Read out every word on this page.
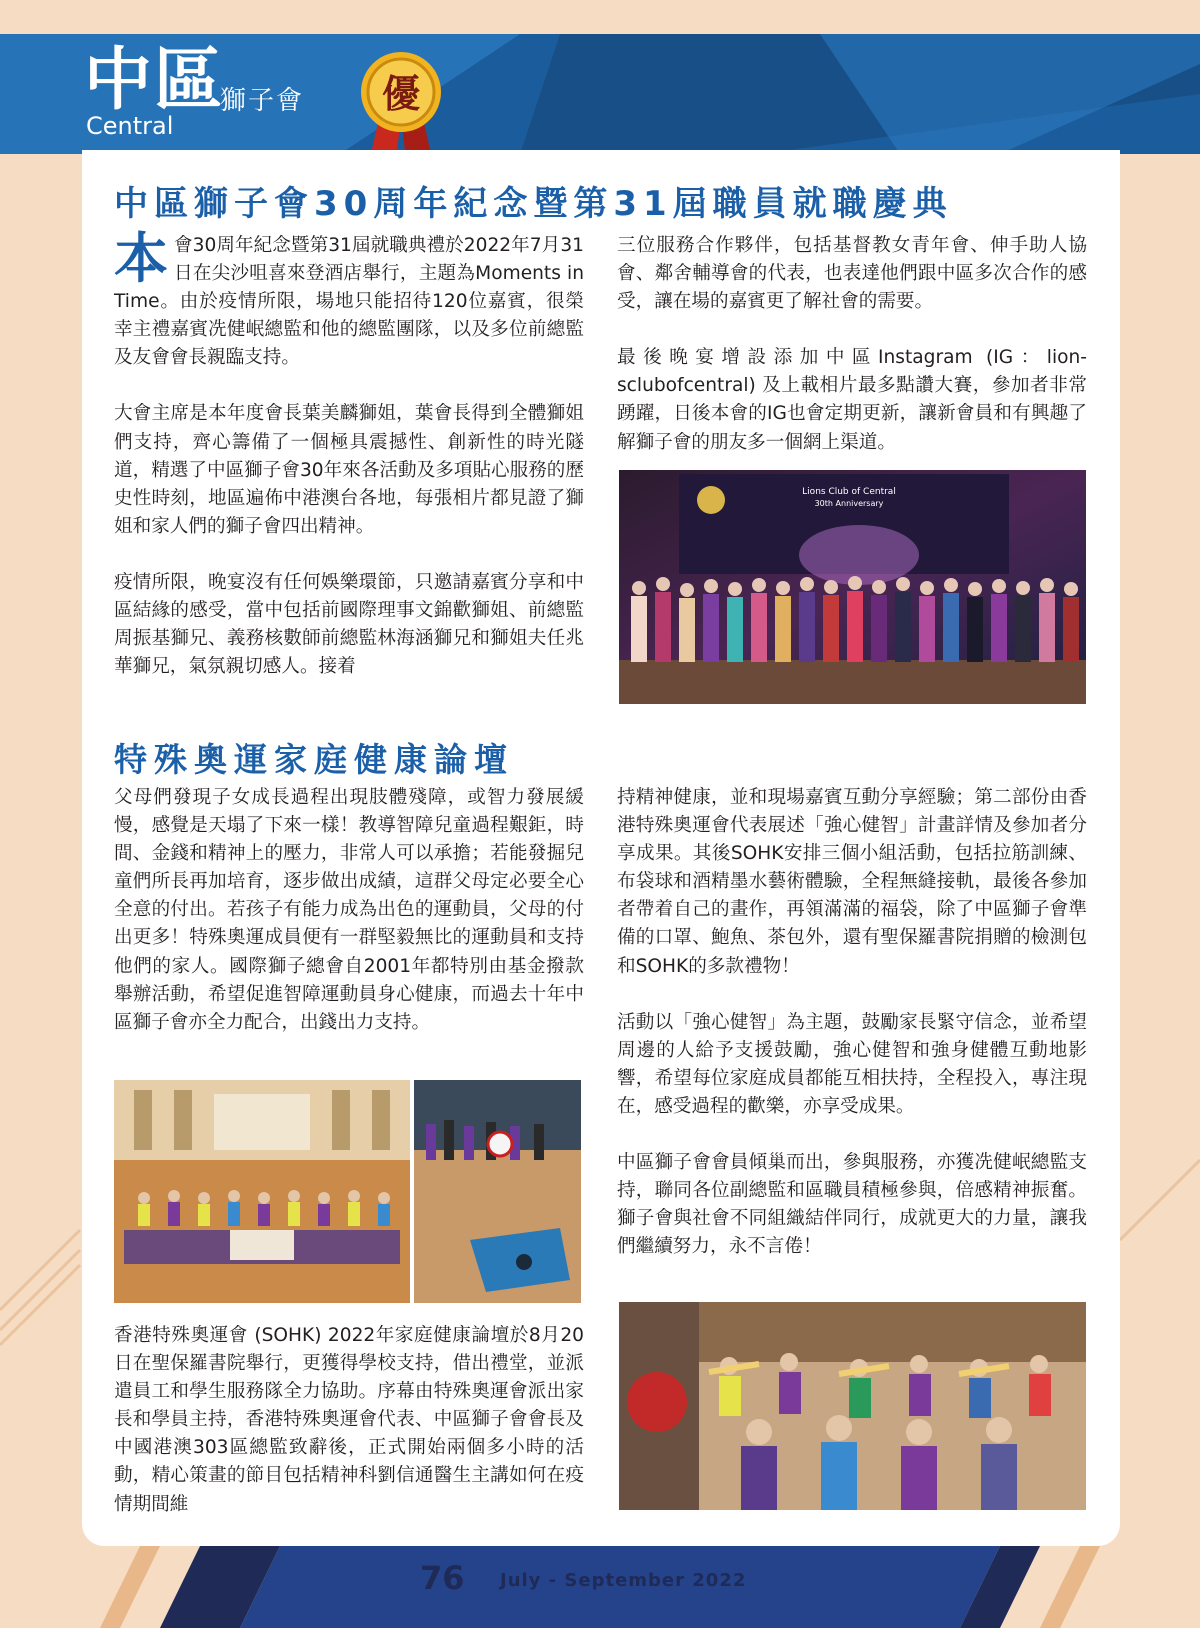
中區
獅子會
Central
優
中區獅子會30周年紀念暨第31屆職員就職慶典

本會30周年紀念暨第31屆就職典禮於2022年7月31日在尖沙咀喜來登酒店舉行，主題為Moments in Time。由於疫情所限，場地只能招待120位嘉賓，很榮幸主禮嘉賓冼健岷總監和他的總監團隊，以及多位前總監及友會會長親臨支持。

大會主席是本年度會長葉美麟獅姐，葉會長得到全體獅姐們支持，齊心籌備了一個極具震撼性、創新性的時光隧道，精選了中區獅子會30年來各活動及多項貼心服務的歷史性時刻，地區遍佈中港澳台各地，每張相片都見證了獅姐和家人們的獅子會四出精神。

疫情所限，晚宴沒有任何娛樂環節，只邀請嘉賓分享和中區結緣的感受，當中包括前國際理事文錦歡獅姐、前總監周振基獅兄、義務核數師前總監林海涵獅兄和獅姐夫任兆華獅兄，氣氛親切感人。接着

三位服務合作夥伴，包括基督教女青年會、伸手助人協會、鄰舍輔導會的代表，也表達他們跟中區多次合作的感受，讓在場的嘉賓更了解社會的需要。

最後晚宴增設添加中區Instagram (IG：lion-sclubofcentral) 及上載相片最多點讚大賽，參加者非常踴躍，日後本會的IG也會定期更新，讓新會員和有興趣了解獅子會的朋友多一個網上渠道。

Lions Club of Central
30th Anniversary
特殊奧運家庭健康論壇

父母們發現子女成長過程出現肢體殘障，或智力發展緩慢，感覺是天塌了下來一樣！教導智障兒童過程艱鉅，時間、金錢和精神上的壓力，非常人可以承擔；若能發掘兒童們所長再加培育，逐步做出成績，這群父母定必要全心全意的付出。若孩子有能力成為出色的運動員，父母的付出更多！特殊奧運成員便有一群堅毅無比的運動員和支持他們的家人。國際獅子總會自2001年都特別由基金撥款舉辦活動，希望促進智障運動員身心健康，而過去十年中區獅子會亦全力配合，出錢出力支持。

香港特殊奧運會 (SOHK) 2022年家庭健康論壇於8月20日在聖保羅書院舉行，更獲得學校支持，借出禮堂，並派遣員工和學生服務隊全力協助。序幕由特殊奧運會派出家長和學員主持，香港特殊奧運會代表、中區獅子會會長及中國港澳303區總監致辭後，正式開始兩個多小時的活動，精心策畫的節目包括精神科劉信通醫生主講如何在疫情期間維

持精神健康，並和現場嘉賓互動分享經驗；第二部份由香港特殊奧運會代表展述「強心健智」計畫詳情及參加者分享成果。其後SOHK安排三個小組活動，包括拉筋訓練、布袋球和酒精墨水藝術體驗，全程無縫接軌，最後各參加者帶着自己的畫作，再領滿滿的福袋，除了中區獅子會準備的口罩、鮑魚、茶包外，還有聖保羅書院捐贈的檢測包和SOHK的多款禮物！

活動以「強心健智」為主題，鼓勵家長緊守信念，並希望周邊的人給予支援鼓勵，強心健智和強身健體互動地影響，希望每位家庭成員都能互相扶持，全程投入，專注現在，感受過程的歡樂，亦享受成果。

中區獅子會會員傾巢而出，參與服務，亦獲冼健岷總監支持，聯同各位副總監和區職員積極參與，倍感精神振奮。獅子會與社會不同組織結伴同行，成就更大的力量，讓我們繼續努力，永不言倦！

76 July - September 2022
